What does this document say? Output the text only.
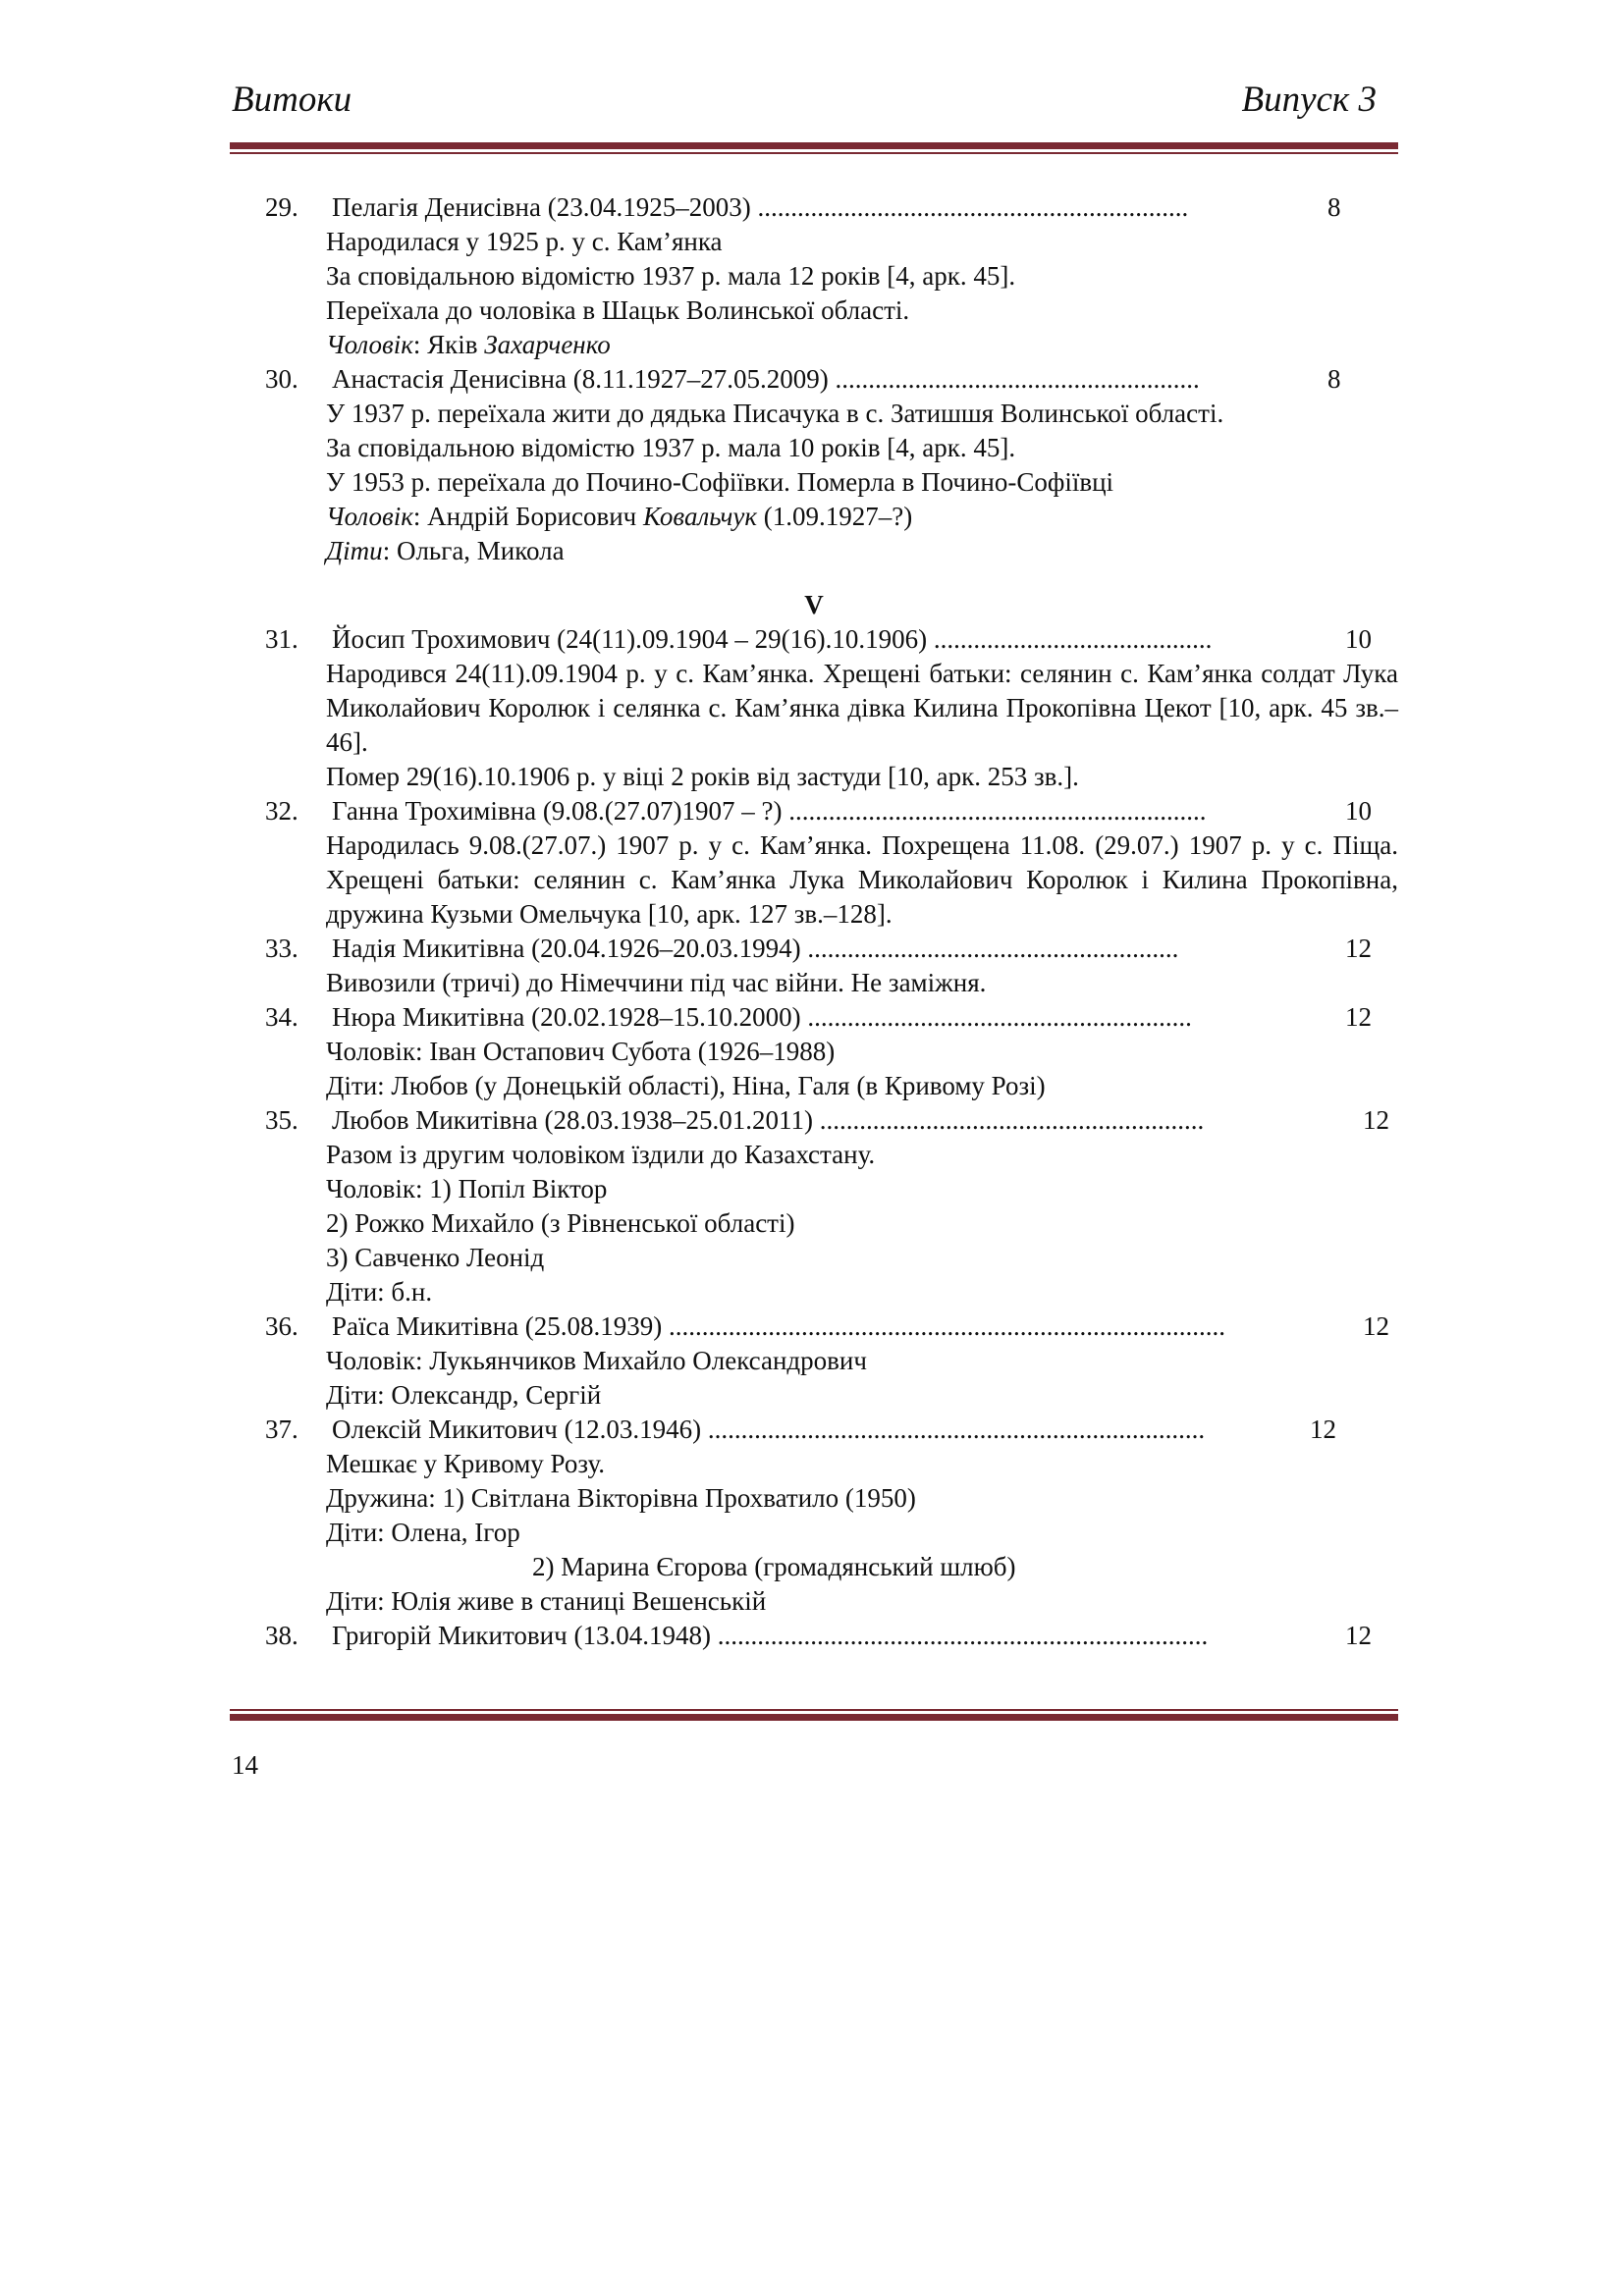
Витоки	Випуск 3
29. Пелагія Денисівна (23.04.1925–2003) .................................................................	8
Народилася у 1925 р. у с. Кам’янка
За сповідальною відомістю 1937 р. мала 12 років [4, арк. 45].
Переїхала до чоловіка в Шацьк Волинської області.
Чоловік: Яків Захарченко
30. Анастасія Денисівна (8.11.1927–27.05.2009) .......................................................	8
У 1937 р. переїхала жити до дядька Писачука в с. Затишшя Волинської області.
За сповідальною відомістю 1937 р. мала 10 років [4, арк. 45].
У 1953 р. переїхала до Почино-Софіївки. Померла в Почино-Софіївці
Чоловік: Андрій Борисович Ковальчук (1.09.1927–?)
Діти: Ольга, Микола
V
31. Йосип Трохимович (24(11).09.1904 – 29(16).10.1906) ..........................................	10
Народився 24(11).09.1904 р. у с. Кам’янка. Хрещені батьки: селянин с. Кам’янка солдат Лука Миколайович Королюк і селянка с. Кам’янка дівка Килина Прокопівна Цекот [10, арк. 45 зв.–46].
Помер 29(16).10.1906 р. у віці 2 років від застуди [10, арк. 253 зв.].
32. Ганна Трохимівна (9.08.(27.07)1907 – ?) ...............................................................	10
Народилась 9.08.(27.07.) 1907 р. у с. Кам’янка. Похрещена 11.08. (29.07.) 1907 р. у с. Піща. Хрещені батьки: селянин с. Кам’янка Лука Миколайович Королюк і Килина Прокопівна, дружина Кузьми Омельчука [10, арк. 127 зв.–128].
33. Надія Микитівна (20.04.1926–20.03.1994) ........................................................	12
Вивозили (тричі) до Німеччини під час війни. Не заміжня.
34. Нюра Микитівна (20.02.1928–15.10.2000) ..........................................................	12
Чоловік: Іван Остапович Субота (1926–1988)
Діти: Любов (у Донецькій області), Ніна, Галя (в Кривому Розі)
35. Любов Микитівна (28.03.1938–25.01.2011) ..........................................................	12
Разом із другим чоловіком їздили до Казахстану.
Чоловік: 1) Попіл Віктор
2) Рожко Михайло (з Рівненської області)
3) Савченко Леонід
Діти: б.н.
36. Раїса Микитівна (25.08.1939) ....................................................................................	12
Чоловік: Лукьянчиков Михайло Олександрович
Діти: Олександр, Сергій
37. Олексій Микитович (12.03.1946) ...........................................................................	12
Мешкає у Кривому Розу.
Дружина: 1) Світлана Вікторівна Прохватило (1950)
Діти: Олена, Ігор
2) Марина Єгорова (громадянський шлюб)
Діти: Юлія живе в станиці Вешенській
38. Григорій Микитович (13.04.1948) ..........................................................................	12
14
